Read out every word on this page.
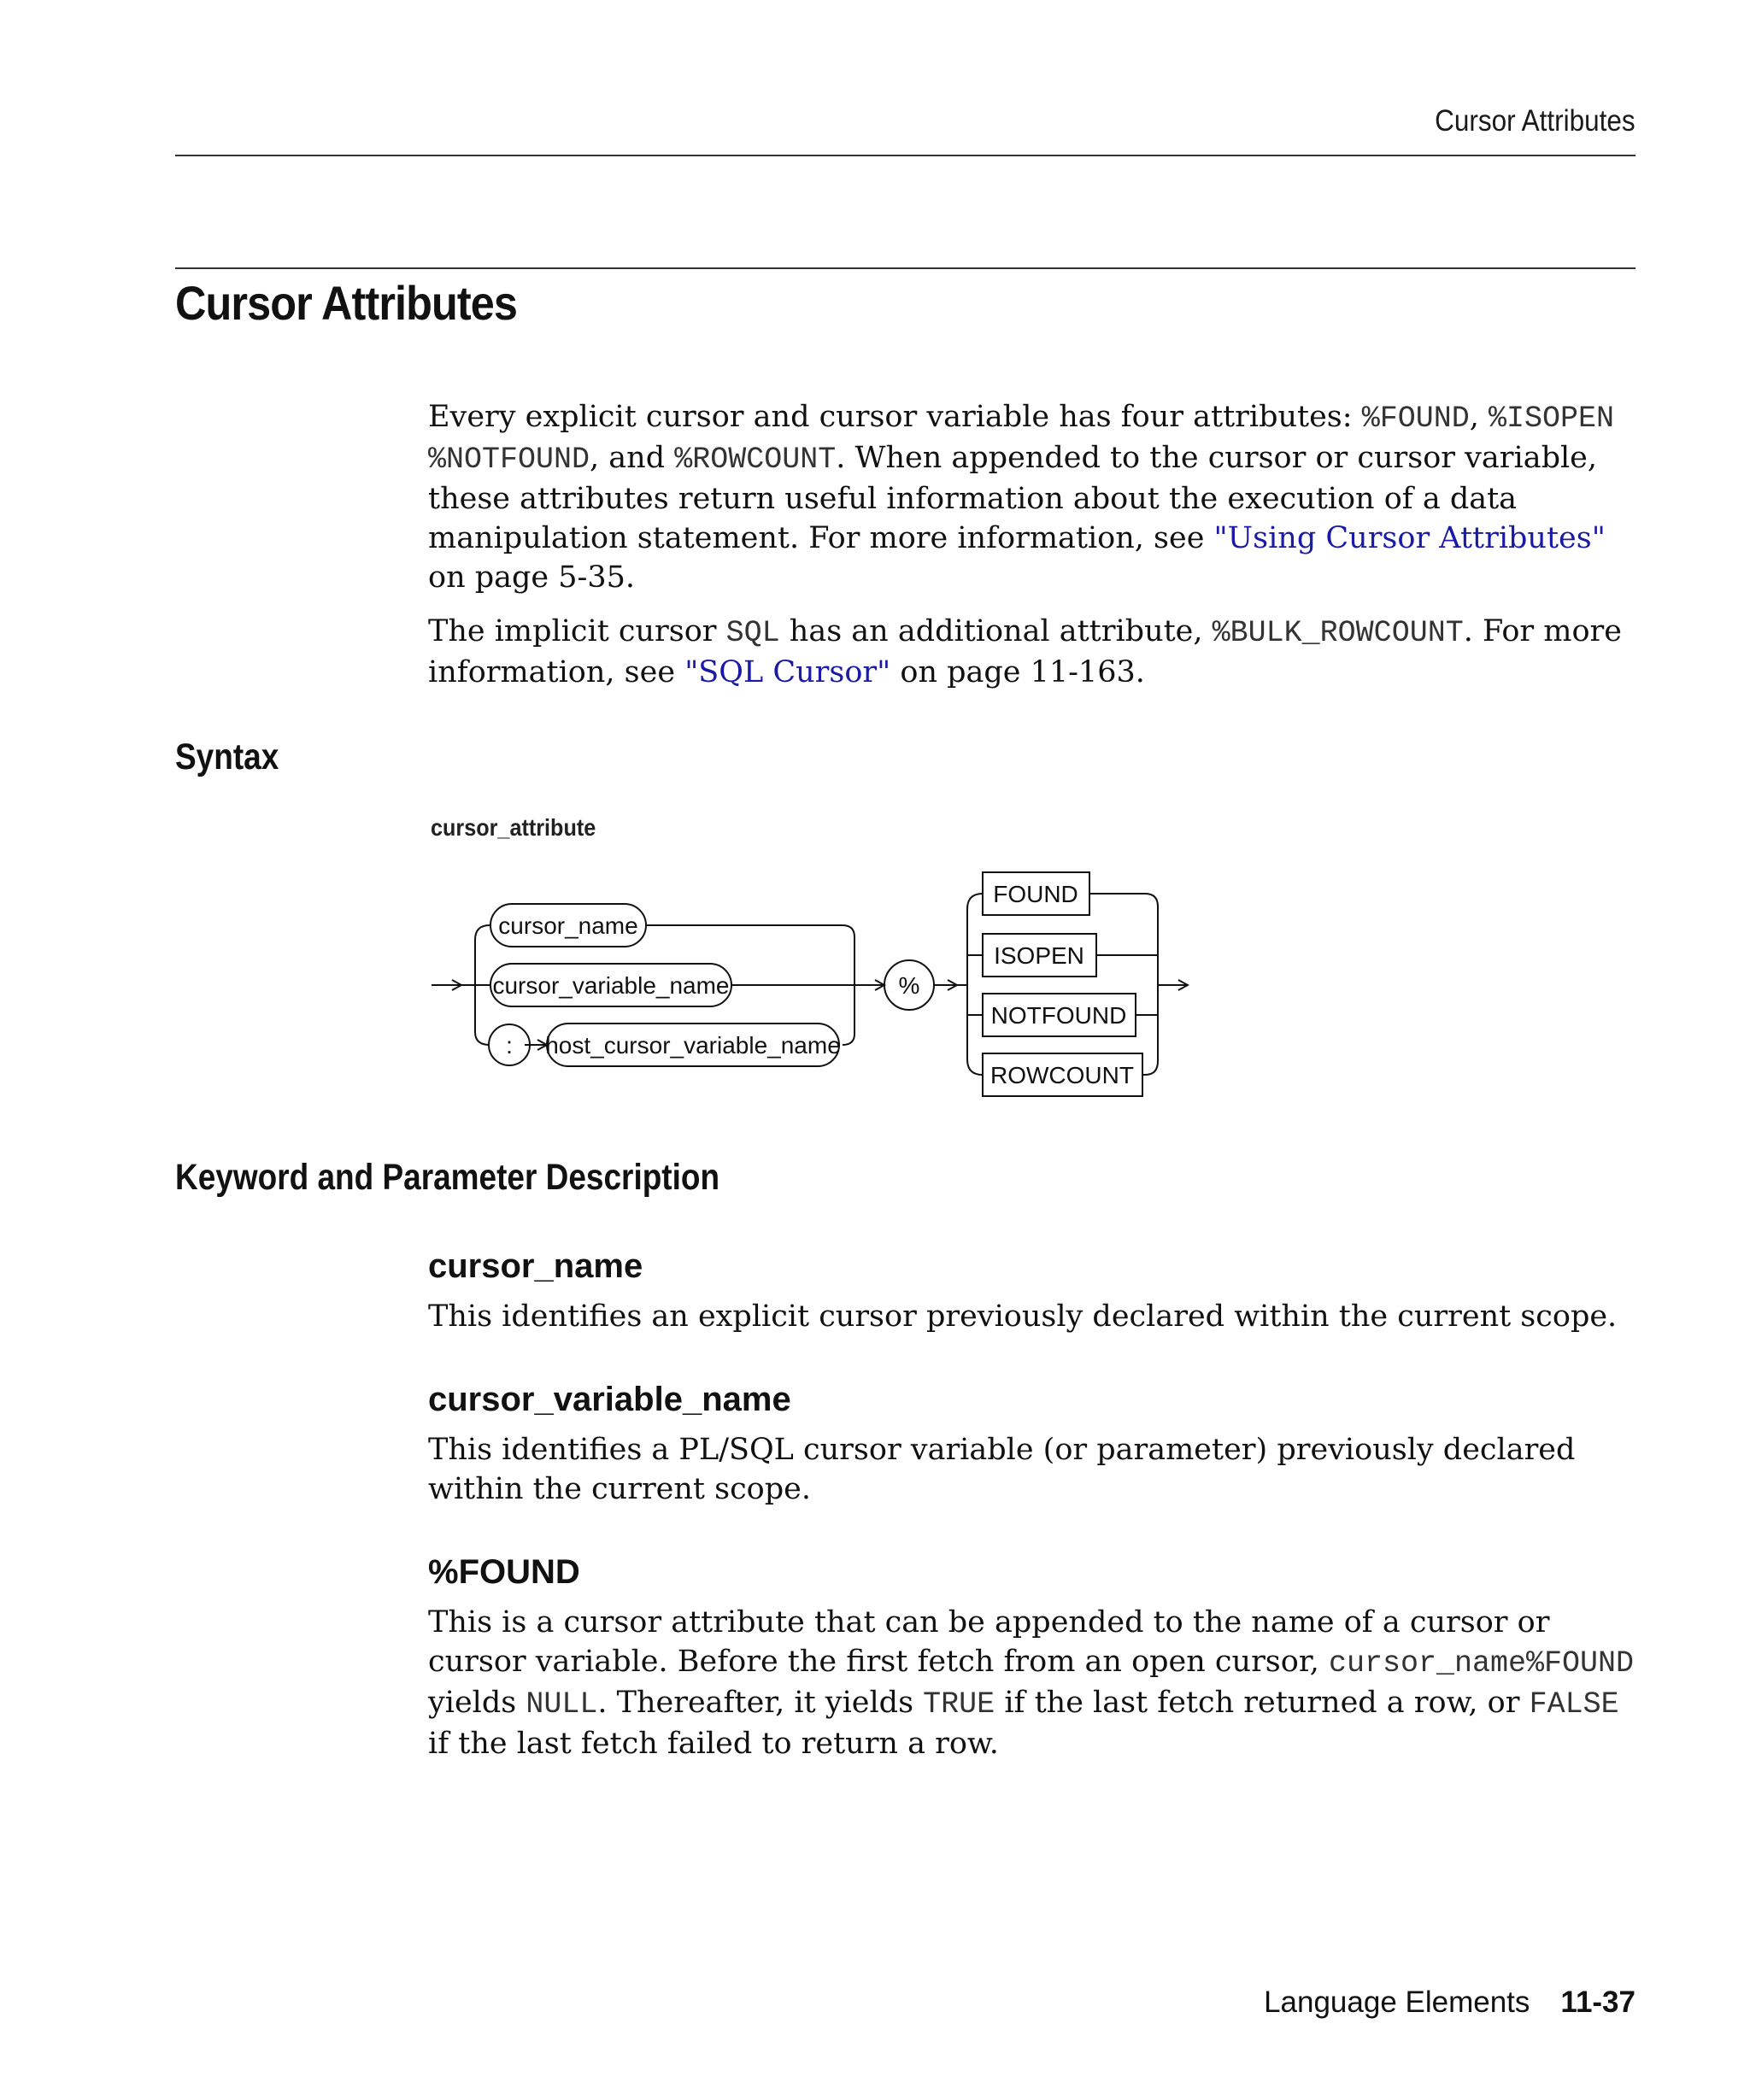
Cursor Attributes
Cursor Attributes

Every explicit cursor and cursor variable has four attributes: %FOUND, %ISOPEN
%NOTFOUND, and %ROWCOUNT. When appended to the cursor or cursor variable, these attributes return useful information about the execution of a data manipulation statement. For more information, see "Using Cursor Attributes" on page 5-35.

The implicit cursor SQL has an additional attribute, %BULK_ROWCOUNT. For more information, see "SQL Cursor" on page 11-163.

Syntax
cursor_attribute
cursor_name
cursor_variable_name
: host_cursor_variable_name
%
FOUND
ISOPEN
NOTFOUND
ROWCOUNT
Keyword and Parameter Description
cursor_name

This identifies an explicit cursor previously declared within the current scope.

cursor_variable_name

This identifies a PL/SQL cursor variable (or parameter) previously declared within the current scope.

%FOUND

This is a cursor attribute that can be appended to the name of a cursor or cursor variable. Before the first fetch from an open cursor, cursor_name%FOUND yields NULL. Thereafter, it yields TRUE if the last fetch returned a row, or FALSE if the last fetch failed to return a row.

Language Elements 11-37
